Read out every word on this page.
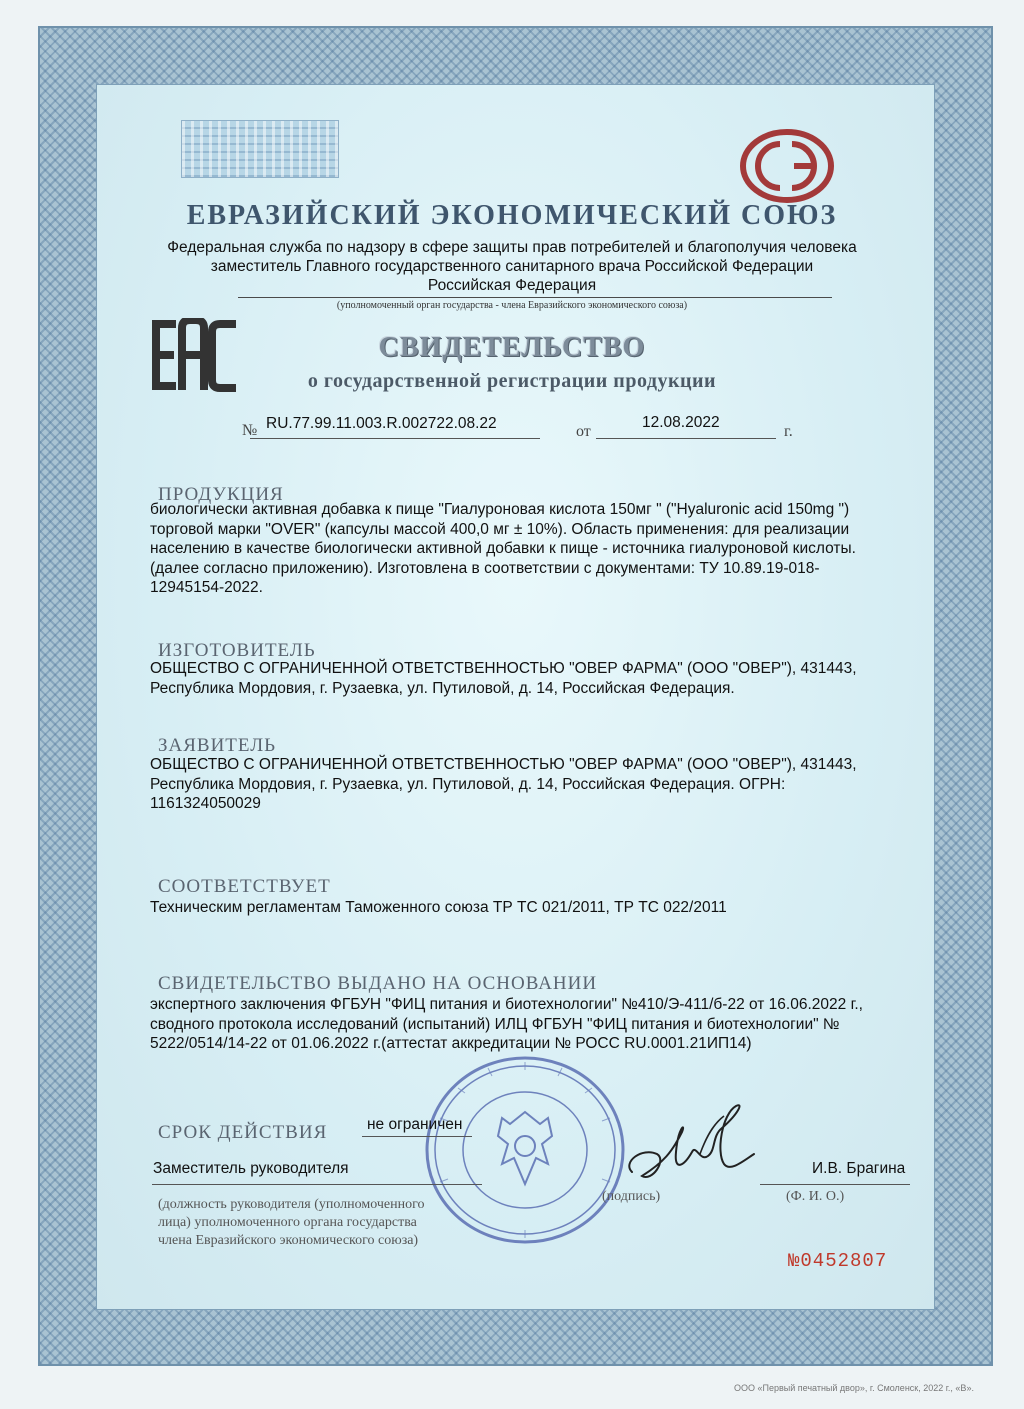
ЕВРАЗИЙСКИЙ ЭКОНОМИЧЕСКИЙ СОЮЗ
Федеральная служба по надзору в сфере защиты прав потребителей и благополучия человека
заместитель Главного государственного санитарного врача Российской Федерации
Российская Федерация
(уполномоченный орган государства - члена Евразийского экономического союза)
СВИДЕТЕЛЬСТВО
о государственной регистрации продукции
№ RU.77.99.11.003.R.002722.08.22	от
12.08.2022
г.
ПРОДУКЦИЯ
биологически активная добавка к пище "Гиалуроновая кислота 150мг " ("Hyaluronic acid 150mg ")
торговой марки "OVER" (капсулы массой 400,0 мг ± 10%). Область применения: для реализации
населению в качестве биологически активной добавки к пище - источника гиалуроновой кислоты.
(далее согласно приложению). Изготовлена в соответствии с документами: ТУ 10.89.19-018-
12945154-2022.
ИЗГОТОВИТЕЛЬ
ОБЩЕСТВО С ОГРАНИЧЕННОЙ ОТВЕТСТВЕННОСТЬЮ "ОВЕР ФАРМА" (ООО "ОВЕР"), 431443,
Республика Мордовия, г. Рузаевка, ул. Путиловой, д. 14, Российская Федерация.
ЗАЯВИТЕЛЬ
ОБЩЕСТВО С ОГРАНИЧЕННОЙ ОТВЕТСТВЕННОСТЬЮ "ОВЕР ФАРМА" (ООО "ОВЕР"), 431443,
Республика Мордовия, г. Рузаевка, ул. Путиловой, д. 14, Российская Федерация. ОГРН:
1161324050029
СООТВЕТСТВУЕТ
Техническим регламентам Таможенного союза ТР ТС 021/2011, ТР ТС 022/2011
СВИДЕТЕЛЬСТВО ВЫДАНО НА ОСНОВАНИИ
экспертного заключения ФГБУН "ФИЦ питания и биотехнологии" №410/Э-411/б-22 от 16.06.2022 г.,
сводного протокола исследований (испытаний) ИЛЦ ФГБУН "ФИЦ питания и биотехнологии" №
5222/0514/14-22 от 01.06.2022 г.(аттестат аккредитации № РОСС RU.0001.21ИП14)
СРОК ДЕЙСТВИЯ	не ограничен
Заместитель руководителя	И.В. Брагина
(должность руководителя (уполномоченного
лица) уполномоченного органа государства
члена Евразийского экономического союза)
(подпись)	(Ф. И. О.)
№0452807
ООО «Первый печатный двор», г. Смоленск, 2022 г., «В».
